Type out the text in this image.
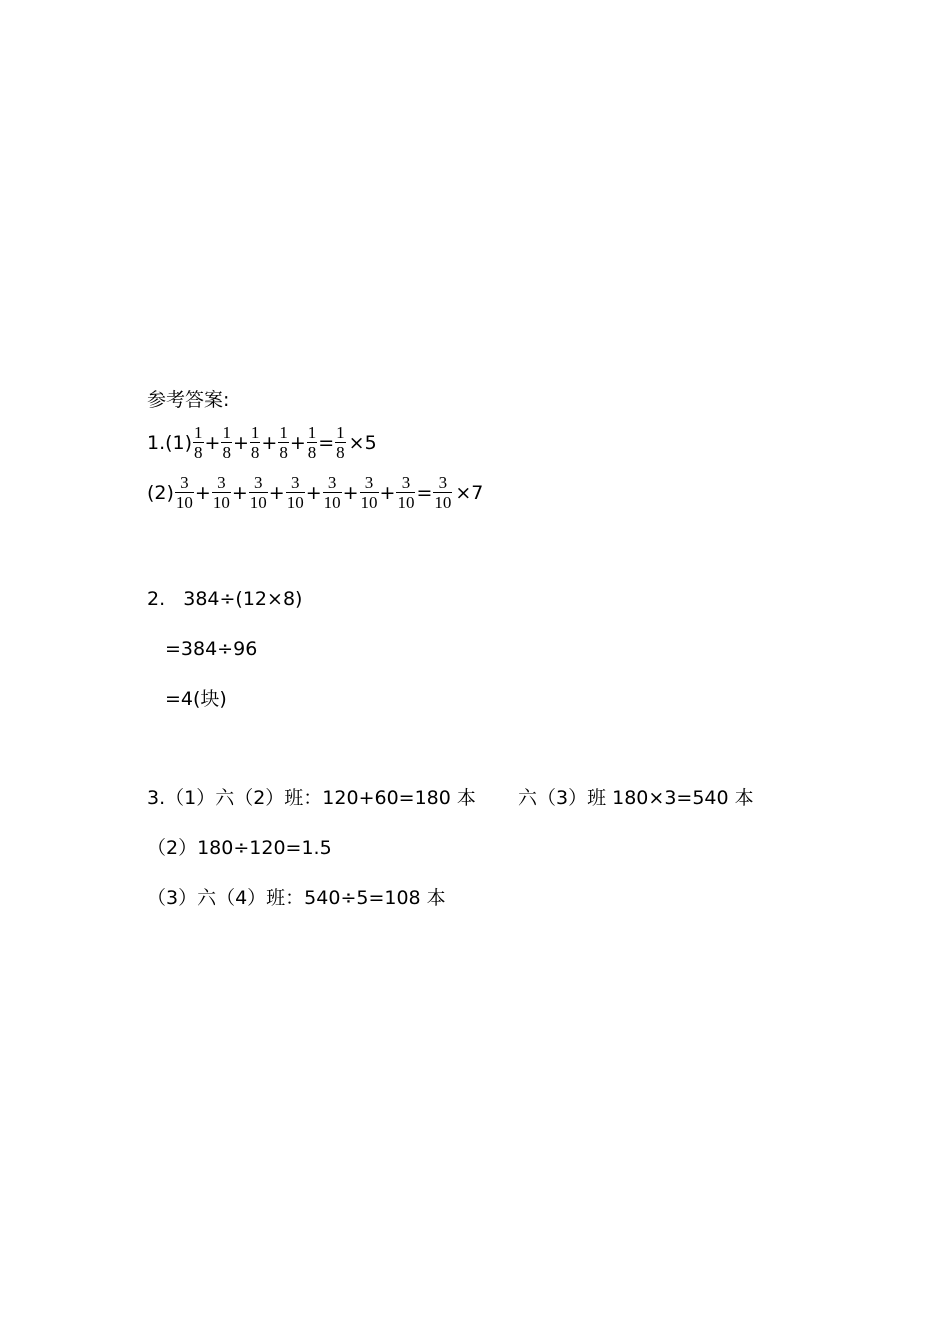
参考答案:
$1.(1) \frac{1}{8} + \frac{1}{8} + \frac{1}{8} + \frac{1}{8} + \frac{1}{8} = \frac{1}{8} \times 5$
$(2) \frac{3}{10} + \frac{3}{10} + \frac{3}{10} + \frac{3}{10} + \frac{3}{10} + \frac{3}{10} + \frac{3}{10} = \frac{3}{10} \times 7$
2.   384÷(12×8)
=384÷96
=4(块)
3.（1）六（2）班：120+60=180 本 六（3）班 180×3=540 本
（2）180÷120=1.5
（3）六（4）班：540÷5=108 本
